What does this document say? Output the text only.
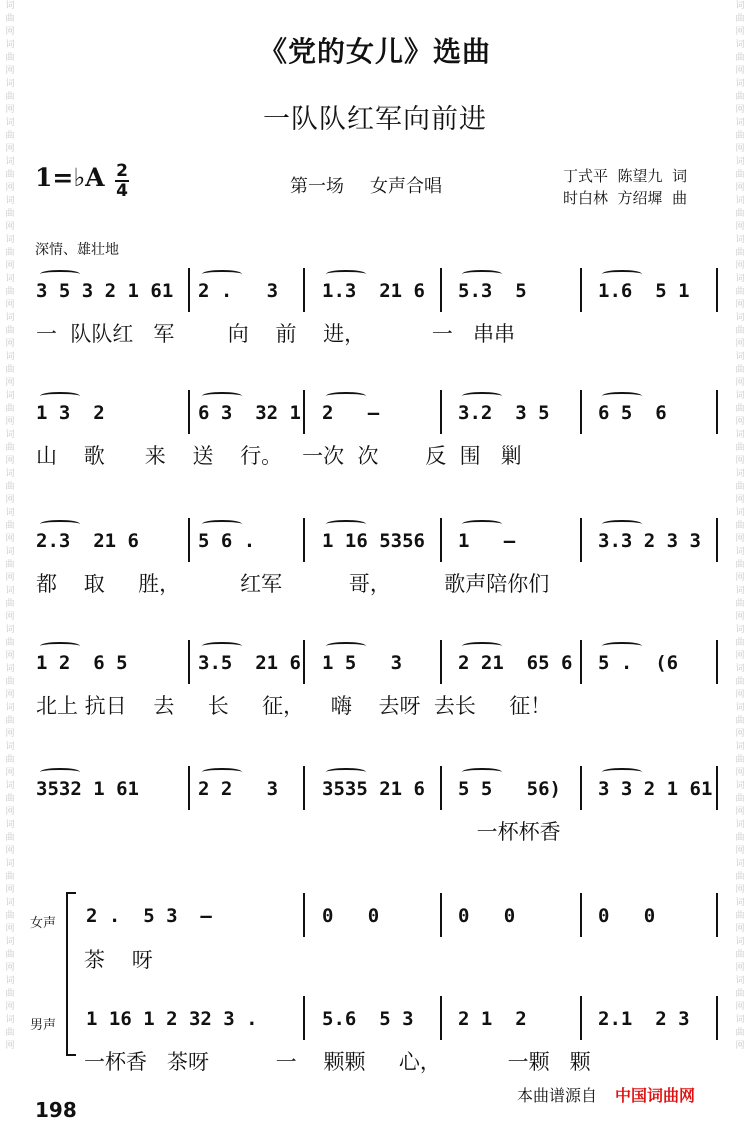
词曲网词曲网词曲网词曲网词曲网词曲网词曲网词曲网词曲网词曲网词曲网词曲网词曲网词曲网词曲网词曲网词曲网词曲网词曲网词曲网词曲网词曲网词曲网词曲网词曲网词曲网词曲网
词曲网词曲网词曲网词曲网词曲网词曲网词曲网词曲网词曲网词曲网词曲网词曲网词曲网词曲网词曲网词曲网词曲网词曲网词曲网词曲网词曲网词曲网词曲网词曲网词曲网词曲网词曲网
《党的女儿》选曲
一队队红军向前进
1=♭A 2
4	第一场 女声合唱	丁式平  陈望九  词
时白林  方绍墀  曲
深情、雄壮地
3 5 3 2 1 61 2 .   3 1.3  21 6 5.3  5	1.6  5 1
一  队队红   军        向    前    进，          一   串串
1 3  2	6 3  32 1 2   —	3.2  3 5	6 5  6
山    歌      来    送    行。   一次  次       反  围   剿
2.3  21 6	5 6 .	1 16 5356 1   —	3.3 2 3 3
都    取     胜，         红军          哥，        歌声陪你们
1 2  6 5	3.5  21 6 1 5   3	2 21  65 6 5 .  (6
北上 抗日    去     长     征，    嗨    去呀  去长     征！
3532 1 61	2 2   3 3535 21 6 5 5   56) 3 3 2 1 61
一杯杯香
2 .  5 3  —	0   0	0   0	0   0
1 16 1 2 32 3 .	5.6  5 3 2 1  2	2.1  2 3
茶    呀
一杯香   茶呀          一    颗颗     心，          一颗   颗
女声
男声
198
本曲谱源自 中国词曲网
